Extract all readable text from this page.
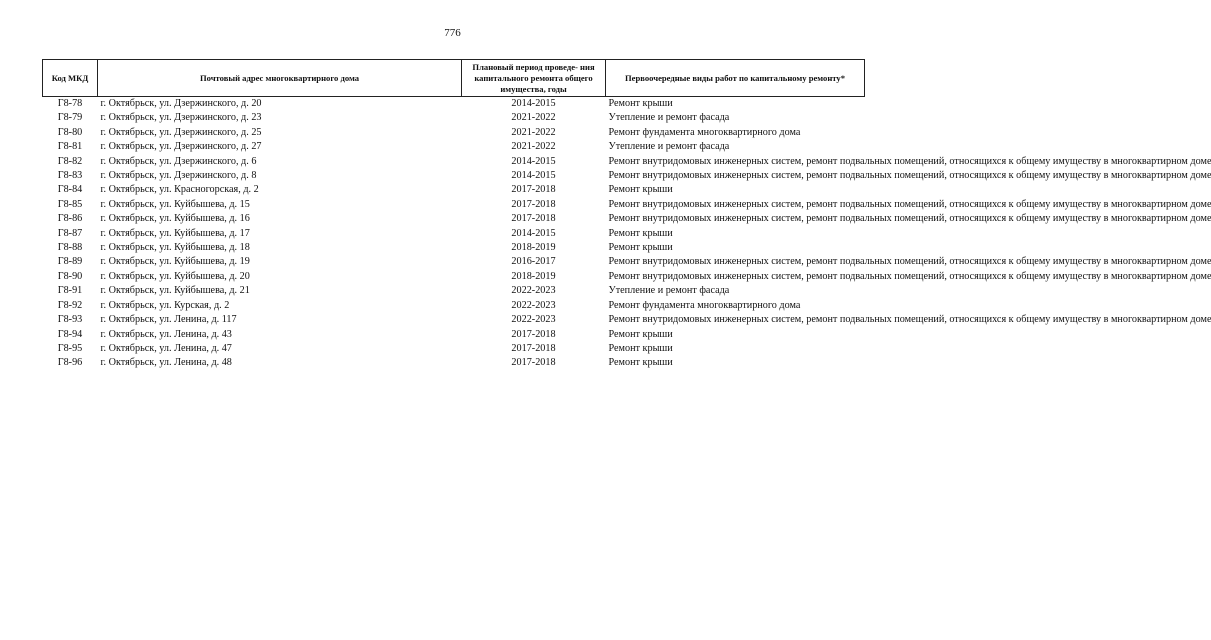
776
Код МКД	Почтовый адрес многоквартирного дома	Плановый период проведе- ния капитального ремонта общего имущества, годы	Первоочередные виды работ по капитальному ремонту*
Г8-78	г. Октябрьск, ул. Дзержинского, д. 20	2014-2015	Ремонт крыши
Г8-79	г. Октябрьск, ул. Дзержинского, д. 23	2021-2022	Утепление и ремонт фасада
Г8-80	г. Октябрьск, ул. Дзержинского, д. 25	2021-2022	Ремонт фундамента многоквартирного дома
Г8-81	г. Октябрьск, ул. Дзержинского, д. 27	2021-2022	Утепление и ремонт фасада
Г8-82	г. Октябрьск, ул. Дзержинского, д. 6	2014-2015	Ремонт внутридомовых инженерных систем, ремонт подвальных помещений, относящихся к общему имуществу в многоквартирном доме
Г8-83	г. Октябрьск, ул. Дзержинского, д. 8	2014-2015	Ремонт внутридомовых инженерных систем, ремонт подвальных помещений, относящихся к общему имуществу в многоквартирном доме
Г8-84	г. Октябрьск, ул. Красногорская, д. 2	2017-2018	Ремонт крыши
Г8-85	г. Октябрьск, ул. Куйбышева, д. 15	2017-2018	Ремонт внутридомовых инженерных систем, ремонт подвальных помещений, относящихся к общему имуществу в многоквартирном доме
Г8-86	г. Октябрьск, ул. Куйбышева, д. 16	2017-2018	Ремонт внутридомовых инженерных систем, ремонт подвальных помещений, относящихся к общему имуществу в многоквартирном доме
Г8-87	г. Октябрьск, ул. Куйбышева, д. 17	2014-2015	Ремонт крыши
Г8-88	г. Октябрьск, ул. Куйбышева, д. 18	2018-2019	Ремонт крыши
Г8-89	г. Октябрьск, ул. Куйбышева, д. 19	2016-2017	Ремонт внутридомовых инженерных систем, ремонт подвальных помещений, относящихся к общему имуществу в многоквартирном доме
Г8-90	г. Октябрьск, ул. Куйбышева, д. 20	2018-2019	Ремонт внутридомовых инженерных систем, ремонт подвальных помещений, относящихся к общему имуществу в многоквартирном доме
Г8-91	г. Октябрьск, ул. Куйбышева, д. 21	2022-2023	Утепление и ремонт фасада
Г8-92	г. Октябрьск, ул. Курская, д. 2	2022-2023	Ремонт фундамента многоквартирного дома
Г8-93	г. Октябрьск, ул. Ленина, д. 117	2022-2023	Ремонт внутридомовых инженерных систем, ремонт подвальных помещений, относящихся к общему имуществу в многоквартирном доме
Г8-94	г. Октябрьск, ул. Ленина, д. 43	2017-2018	Ремонт крыши
Г8-95	г. Октябрьск, ул. Ленина, д. 47	2017-2018	Ремонт крыши
Г8-96	г. Октябрьск, ул. Ленина, д. 48	2017-2018	Ремонт крыши
